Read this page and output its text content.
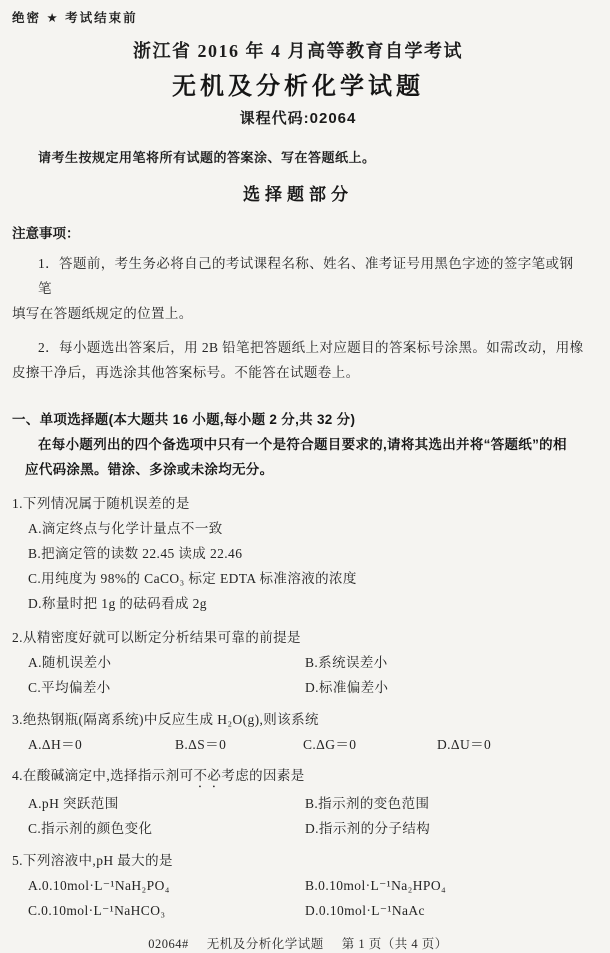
绝密 ★ 考试结束前
浙江省 2016 年 4 月高等教育自学考试
无机及分析化学试题
课程代码:02064
请考生按规定用笔将所有试题的答案涂、写在答题纸上。
选择题部分
注意事项：
1．答题前，考生务必将自己的考试课程名称、姓名、准考证号用黑色字迹的签字笔或钢笔
填写在答题纸规定的位置上。
2．每小题选出答案后，用 2B 铅笔把答题纸上对应题目的答案标号涂黑。如需改动，用橡
皮擦干净后，再选涂其他答案标号。不能答在试题卷上。
一、单项选择题(本大题共 16 小题,每小题 2 分,共 32 分)
在每小题列出的四个备选项中只有一个是符合题目要求的,请将其选出并将“答题纸”的相
应代码涂黑。错涂、多涂或未涂均无分。
1.下列情况属于随机误差的是
A.滴定终点与化学计量点不一致
B.把滴定管的读数 22.45 读成 22.46
C.用纯度为 98%的 CaCO₃ 标定 EDTA 标准溶液的浓度
D.称量时把 1g 的砝码看成 2g
2.从精密度好就可以断定分析结果可靠的前提是
A.随机误差小	B.系统误差小
C.平均偏差小	D.标准偏差小
3.绝热钢瓶(隔离系统)中反应生成 H₂O(g),则该系统
A.ΔH＝0	B.ΔS＝0	C.ΔG＝0	D.ΔU＝0
4.在酸碱滴定中,选择指示剂可不必考虑的因素是
A.pH 突跃范围	B.指示剂的变色范围
C.指示剂的颜色变化	D.指示剂的分子结构
5.下列溶液中,pH 最大的是
A.0.10mol·L⁻¹NaH₂PO₄	B.0.10mol·L⁻¹Na₂HPO₄
C.0.10mol·L⁻¹NaHCO₃	D.0.10mol·L⁻¹NaAc
02064# 无机及分析化学试题 第 1 页（共 4 页）
